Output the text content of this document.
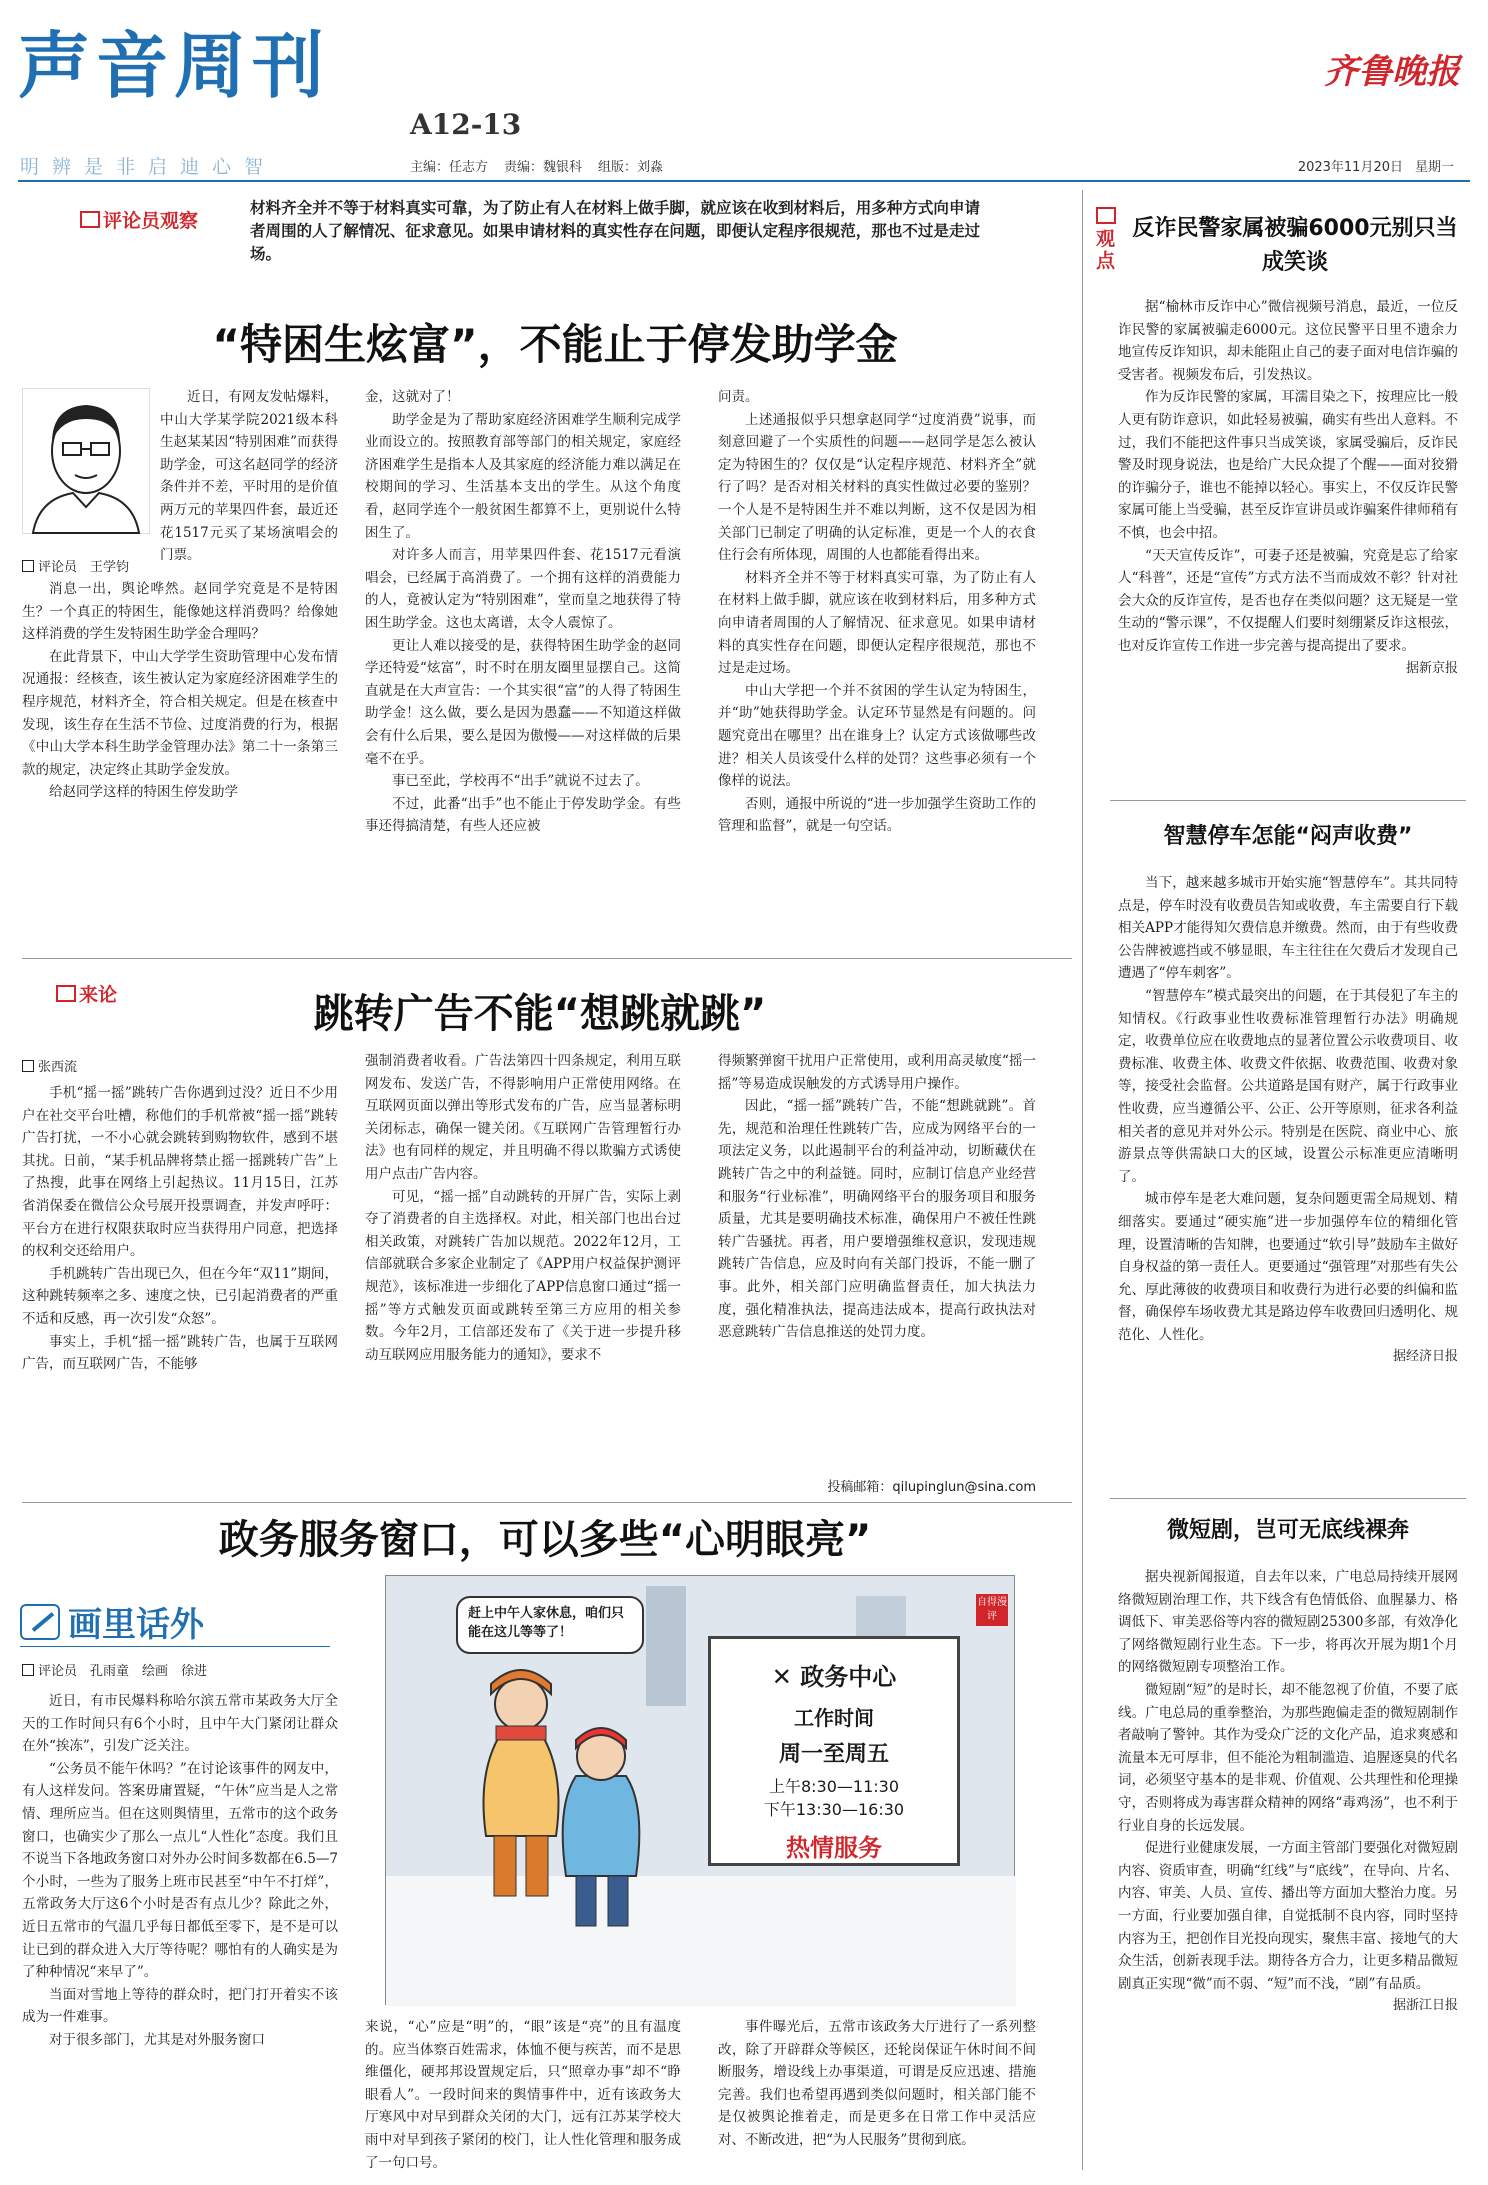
声音周刊
A12-13
明辨是非启迪心智	主编：任志方 责编：魏银科 组版：刘淼
齐鲁晚报
2023年11月20日 星期一
评论员观察
材料齐全并不等于材料真实可靠，为了防止有人在材料上做手脚，就应该在收到材料后，用多种方式向申请者周围的人了解情况、征求意见。如果申请材料的真实性存在问题，即便认定程序很规范，那也不过是走过场。
“特困生炫富”，不能止于停发助学金

近日，有网友发帖爆料，中山大学某学院2021级本科生赵某某因“特别困难”而获得助学金，可这名赵同学的经济条件并不差，平时用的是价值两万元的苹果四件套，最近还花1517元买了某场演唱会的门票。

评论员　王学钧

消息一出，舆论哗然。赵同学究竟是不是特困生？一个真正的特困生，能像她这样消费吗？给像她这样消费的学生发特困生助学金合理吗？

在此背景下，中山大学学生资助管理中心发布情况通报：经核查，该生被认定为家庭经济困难学生的程序规范，材料齐全，符合相关规定。但是在核查中发现，该生存在生活不节俭、过度消费的行为，根据《中山大学本科生助学金管理办法》第二十一条第三款的规定，决定终止其助学金发放。

给赵同学这样的特困生停发助学

金，这就对了！

助学金是为了帮助家庭经济困难学生顺利完成学业而设立的。按照教育部等部门的相关规定，家庭经济困难学生是指本人及其家庭的经济能力难以满足在校期间的学习、生活基本支出的学生。从这个角度看，赵同学连个一般贫困生都算不上，更别说什么特困生了。

对许多人而言，用苹果四件套、花1517元看演唱会，已经属于高消费了。一个拥有这样的消费能力的人，竟被认定为“特别困难”，堂而皇之地获得了特困生助学金。这也太离谱，太令人震惊了。

更让人难以接受的是，获得特困生助学金的赵同学还特爱“炫富”，时不时在朋友圈里显摆自己。这简直就是在大声宣告：一个其实很“富”的人得了特困生助学金！这么做，要么是因为愚蠢——不知道这样做会有什么后果，要么是因为傲慢——对这样做的后果毫不在乎。

事已至此，学校再不“出手”就说不过去了。

不过，此番“出手”也不能止于停发助学金。有些事还得搞清楚，有些人还应被

问责。

上述通报似乎只想拿赵同学“过度消费”说事，而刻意回避了一个实质性的问题——赵同学是怎么被认定为特困生的？仅仅是“认定程序规范、材料齐全”就行了吗？是否对相关材料的真实性做过必要的鉴别？一个人是不是特困生并不难以判断，这不仅是因为相关部门已制定了明确的认定标准，更是一个人的衣食住行会有所体现，周围的人也都能看得出来。

材料齐全并不等于材料真实可靠，为了防止有人在材料上做手脚，就应该在收到材料后，用多种方式向申请者周围的人了解情况、征求意见。如果申请材料的真实性存在问题，即便认定程序很规范，那也不过是走过场。

中山大学把一个并不贫困的学生认定为特困生，并“助”她获得助学金。认定环节显然是有问题的。问题究竟出在哪里？出在谁身上？认定方式该做哪些改进？相关人员该受什么样的处罚？这些事必须有一个像样的说法。

否则，通报中所说的“进一步加强学生资助工作的管理和监督”，就是一句空话。

来论	跳转广告不能“想跳就跳”
张西流

手机“摇一摇”跳转广告你遇到过没？近日不少用户在社交平台吐槽，称他们的手机常被“摇一摇”跳转广告打扰，一不小心就会跳转到购物软件，感到不堪其扰。日前，“某手机品牌将禁止摇一摇跳转广告”上了热搜，此事在网络上引起热议。11月15日，江苏省消保委在微信公众号展开投票调查，并发声呼吁：平台方在进行权限获取时应当获得用户同意，把选择的权利交还给用户。

手机跳转广告出现已久，但在今年“双11”期间，这种跳转频率之多、速度之快，已引起消费者的严重不适和反感，再一次引发“众怒”。

事实上，手机“摇一摇”跳转广告，也属于互联网广告，而互联网广告，不能够

强制消费者收看。广告法第四十四条规定，利用互联网发布、发送广告，不得影响用户正常使用网络。在互联网页面以弹出等形式发布的广告，应当显著标明关闭标志，确保一键关闭。《互联网广告管理暂行办法》也有同样的规定，并且明确不得以欺骗方式诱使用户点击广告内容。

可见，“摇一摇”自动跳转的开屏广告，实际上剥夺了消费者的自主选择权。对此，相关部门也出台过相关政策，对跳转广告加以规范。2022年12月，工信部就联合多家企业制定了《APP用户权益保护测评规范》，该标准进一步细化了APP信息窗口通过“摇一摇”等方式触发页面或跳转至第三方应用的相关参数。今年2月，工信部还发布了《关于进一步提升移动互联网应用服务能力的通知》，要求不

得频繁弹窗干扰用户正常使用，或利用高灵敏度“摇一摇”等易造成误触发的方式诱导用户操作。

因此，“摇一摇”跳转广告，不能“想跳就跳”。首先，规范和治理任性跳转广告，应成为网络平台的一项法定义务，以此遏制平台的利益冲动，切断藏伏在跳转广告之中的利益链。同时，应制订信息产业经营和服务“行业标准”，明确网络平台的服务项目和服务质量，尤其是要明确技术标准，确保用户不被任性跳转广告骚扰。再者，用户要增强维权意识，发现违规跳转广告信息，应及时向有关部门投诉，不能一删了事。此外，相关部门应明确监督责任，加大执法力度，强化精准执法，提高违法成本，提高行政执法对恶意跳转广告信息推送的处罚力度。

投稿邮箱：qilupinglun@sina.com
政务服务窗口，可以多些“心明眼亮”
画里话外
评论员　孔雨童　绘画　徐进

近日，有市民爆料称哈尔滨五常市某政务大厅全天的工作时间只有6个小时，且中午大门紧闭让群众在外“挨冻”，引发广泛关注。

“公务员不能午休吗？”在讨论该事件的网友中，有人这样发问。答案毋庸置疑，“午休”应当是人之常情、理所应当。但在这则舆情里，五常市的这个政务窗口，也确实少了那么一点儿“人性化”态度。我们且不说当下各地政务窗口对外办公时间多数都在6.5—7个小时，一些为了服务上班市民甚至“中午不打烊”，五常政务大厅这6个小时是否有点儿少？除此之外，近日五常市的气温几乎每日都低至零下，是不是可以让已到的群众进入大厅等待呢？哪怕有的人确实是为了种种情况“来早了”。

当面对雪地上等待的群众时，把门打开着实不该成为一件难事。

对于很多部门，尤其是对外服务窗口

赶上中午人家休息，咱们只能在这儿等等了！
自得漫评
✕ 政务中心
工作时间
周一至周五
上午8:30—11:30
下午13:30—16:30
热情服务

来说，“心”应是“明”的，“眼”该是“亮”的且有温度的。应当体察百姓需求，体恤不便与疾苦，而不是思维僵化，硬邦邦设置规定后，只“照章办事”却不“睁眼看人”。一段时间来的舆情事件中，近有该政务大厅寒风中对早到群众关闭的大门，远有江苏某学校大雨中对早到孩子紧闭的校门，让人性化管理和服务成了一句口号。

事件曝光后，五常市该政务大厅进行了一系列整改，除了开辟群众等候区，还轮岗保证午休时间不间断服务，增设线上办事渠道，可谓是反应迅速、措施完善。我们也希望再遇到类似问题时，相关部门能不是仅被舆论推着走，而是更多在日常工作中灵活应对、不断改进，把“为人民服务”贯彻到底。

观点
反诈民警家属被骗6000元别只当成笑谈

据“榆林市反诈中心”微信视频号消息，最近，一位反诈民警的家属被骗走6000元。这位民警平日里不遗余力地宣传反诈知识，却未能阻止自己的妻子面对电信诈骗的受害者。视频发布后，引发热议。

作为反诈民警的家属，耳濡目染之下，按理应比一般人更有防诈意识，如此轻易被骗，确实有些出人意料。不过，我们不能把这件事只当成笑谈，家属受骗后，反诈民警及时现身说法，也是给广大民众提了个醒——面对狡猾的诈骗分子，谁也不能掉以轻心。事实上，不仅反诈民警家属可能上当受骗，甚至反诈宣讲员或诈骗案件律师稍有不慎，也会中招。

“天天宣传反诈”，可妻子还是被骗，究竟是忘了给家人“科普”，还是“宣传”方式方法不当而成效不彰？针对社会大众的反诈宣传，是否也存在类似问题？这无疑是一堂生动的“警示课”，不仅提醒人们要时刻绷紧反诈这根弦，也对反诈宣传工作进一步完善与提高提出了要求。

据新京报

智慧停车怎能“闷声收费”

当下，越来越多城市开始实施“智慧停车”。其共同特点是，停车时没有收费员告知或收费，车主需要自行下载相关APP才能得知欠费信息并缴费。然而，由于有些收费公告牌被遮挡或不够显眼，车主往往在欠费后才发现自己遭遇了“停车刺客”。

“智慧停车”模式最突出的问题，在于其侵犯了车主的知情权。《行政事业性收费标准管理暂行办法》明确规定，收费单位应在收费地点的显著位置公示收费项目、收费标准、收费主体、收费文件依据、收费范围、收费对象等，接受社会监督。公共道路是国有财产，属于行政事业性收费，应当遵循公平、公正、公开等原则，征求各利益相关者的意见并对外公示。特别是在医院、商业中心、旅游景点等供需缺口大的区域，设置公示标准更应清晰明了。

城市停车是老大难问题，复杂问题更需全局规划、精细落实。要通过“硬实施”进一步加强停车位的精细化管理，设置清晰的告知牌，也要通过“软引导”鼓励车主做好自身权益的第一责任人。更要通过“强管理”对那些有失公允、厚此薄彼的收费项目和收费行为进行必要的纠偏和监督，确保停车场收费尤其是路边停车收费回归透明化、规范化、人性化。

据经济日报

微短剧，岂可无底线裸奔

据央视新闻报道，自去年以来，广电总局持续开展网络微短剧治理工作，共下线含有色情低俗、血腥暴力、格调低下、审美恶俗等内容的微短剧25300多部，有效净化了网络微短剧行业生态。下一步，将再次开展为期1个月的网络微短剧专项整治工作。

微短剧“短”的是时长，却不能忽视了价值，不要了底线。广电总局的重拳整治，为那些跑偏走歪的微短剧制作者敲响了警钟。其作为受众广泛的文化产品，追求爽感和流量本无可厚非，但不能沦为粗制滥造、追腥逐臭的代名词，必须坚守基本的是非观、价值观、公共理性和伦理操守，否则将成为毒害群众精神的网络“毒鸡汤”，也不利于行业自身的长远发展。

促进行业健康发展，一方面主管部门要强化对微短剧内容、资质审查，明确“红线”与“底线”，在导向、片名、内容、审美、人员、宣传、播出等方面加大整治力度。另一方面，行业要加强自律，自觉抵制不良内容，同时坚持内容为王，把创作目光投向现实，聚焦丰富、接地气的大众生活，创新表现手法。期待各方合力，让更多精品微短剧真正实现“微”而不弱、“短”而不浅，“剧”有品质。

据浙江日报
